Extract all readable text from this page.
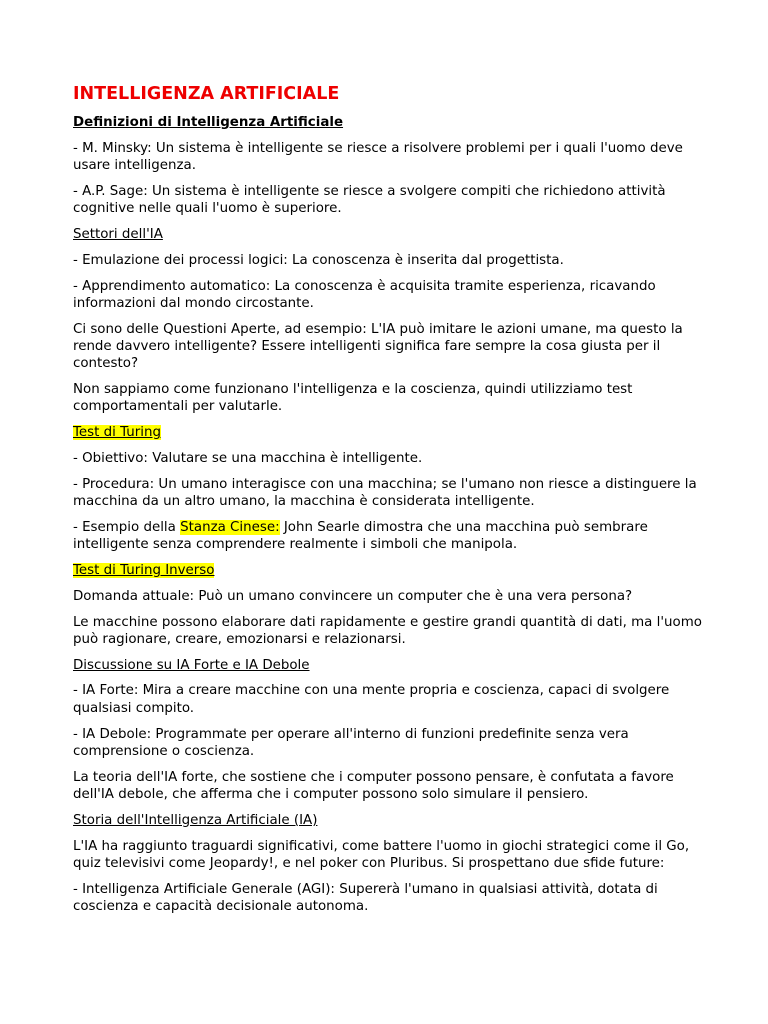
INTELLIGENZA ARTIFICIALE

Definizioni di Intelligenza Artificiale

- M. Minsky: Un sistema è intelligente se riesce a risolvere problemi per i quali l'uomo deve usare intelligenza.

- A.P. Sage: Un sistema è intelligente se riesce a svolgere compiti che richiedono attività cognitive nelle quali l'uomo è superiore.

Settori dell'IA

- Emulazione dei processi logici: La conoscenza è inserita dal progettista.

- Apprendimento automatico: La conoscenza è acquisita tramite esperienza, ricavando informazioni dal mondo circostante.

Ci sono delle Questioni Aperte, ad esempio: L'IA può imitare le azioni umane, ma questo la rende davvero intelligente? Essere intelligenti significa fare sempre la cosa giusta per il contesto?

Non sappiamo come funzionano l'intelligenza e la coscienza, quindi utilizziamo test comportamentali per valutarle.

Test di Turing

- Obiettivo: Valutare se una macchina è intelligente.

- Procedura: Un umano interagisce con una macchina; se l'umano non riesce a distinguere la macchina da un altro umano, la macchina è considerata intelligente.

- Esempio della Stanza Cinese: John Searle dimostra che una macchina può sembrare intelligente senza comprendere realmente i simboli che manipola.

Test di Turing Inverso

Domanda attuale: Può un umano convincere un computer che è una vera persona?

Le macchine possono elaborare dati rapidamente e gestire grandi quantità di dati, ma l'uomo può ragionare, creare, emozionarsi e relazionarsi.

Discussione su IA Forte e IA Debole

- IA Forte: Mira a creare macchine con una mente propria e coscienza, capaci di svolgere qualsiasi compito.

- IA Debole: Programmate per operare all'interno di funzioni predefinite senza vera comprensione o coscienza.

La teoria dell'IA forte, che sostiene che i computer possono pensare, è confutata a favore dell'IA debole, che afferma che i computer possono solo simulare il pensiero.

Storia dell'Intelligenza Artificiale (IA)

L'IA ha raggiunto traguardi significativi, come battere l'uomo in giochi strategici come il Go, quiz televisivi come Jeopardy!, e nel poker con Pluribus. Si prospettano due sfide future:

- Intelligenza Artificiale Generale (AGI): Supererà l'umano in qualsiasi attività, dotata di coscienza e capacità decisionale autonoma.
